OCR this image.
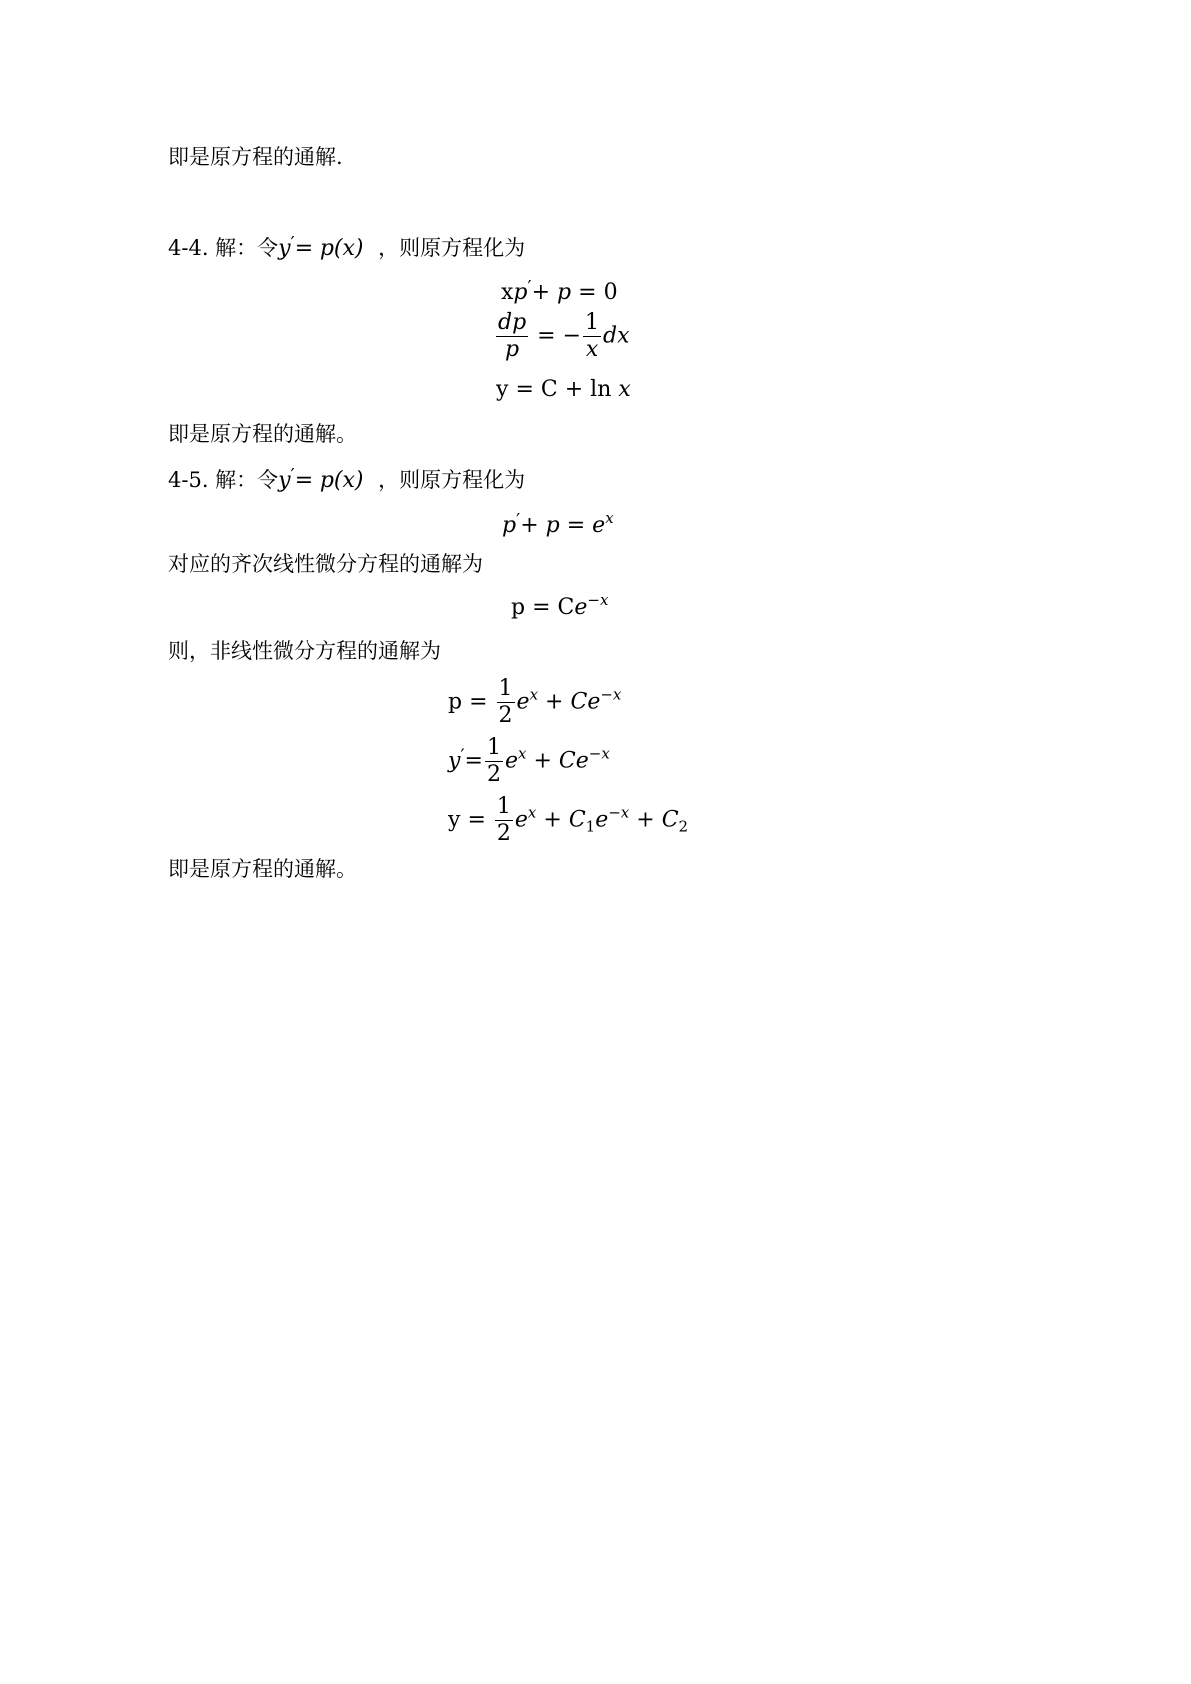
即是原方程的通解.
4-4. 解：令y′= p(x) ，则原方程化为
xp′+ p = 0
$\frac{dp}{p}$ = − $\frac{1}{x}$ dx
y = C + ln x
即是原方程的通解。
4-5. 解：令y′= p(x) ，则原方程化为
$p'+ p = e^x$
对应的齐次线性微分方程的通解为
$p = Ce^{-x}$
则，非线性微分方程的通解为
$p = \frac{1}{2} e^x + Ce^{-x}$
$y'= \frac{1}{2} e^x + Ce^{-x}$
$y = \frac{1}{2} e^x + C_1e^{-x} + C_2$
即是原方程的通解。
